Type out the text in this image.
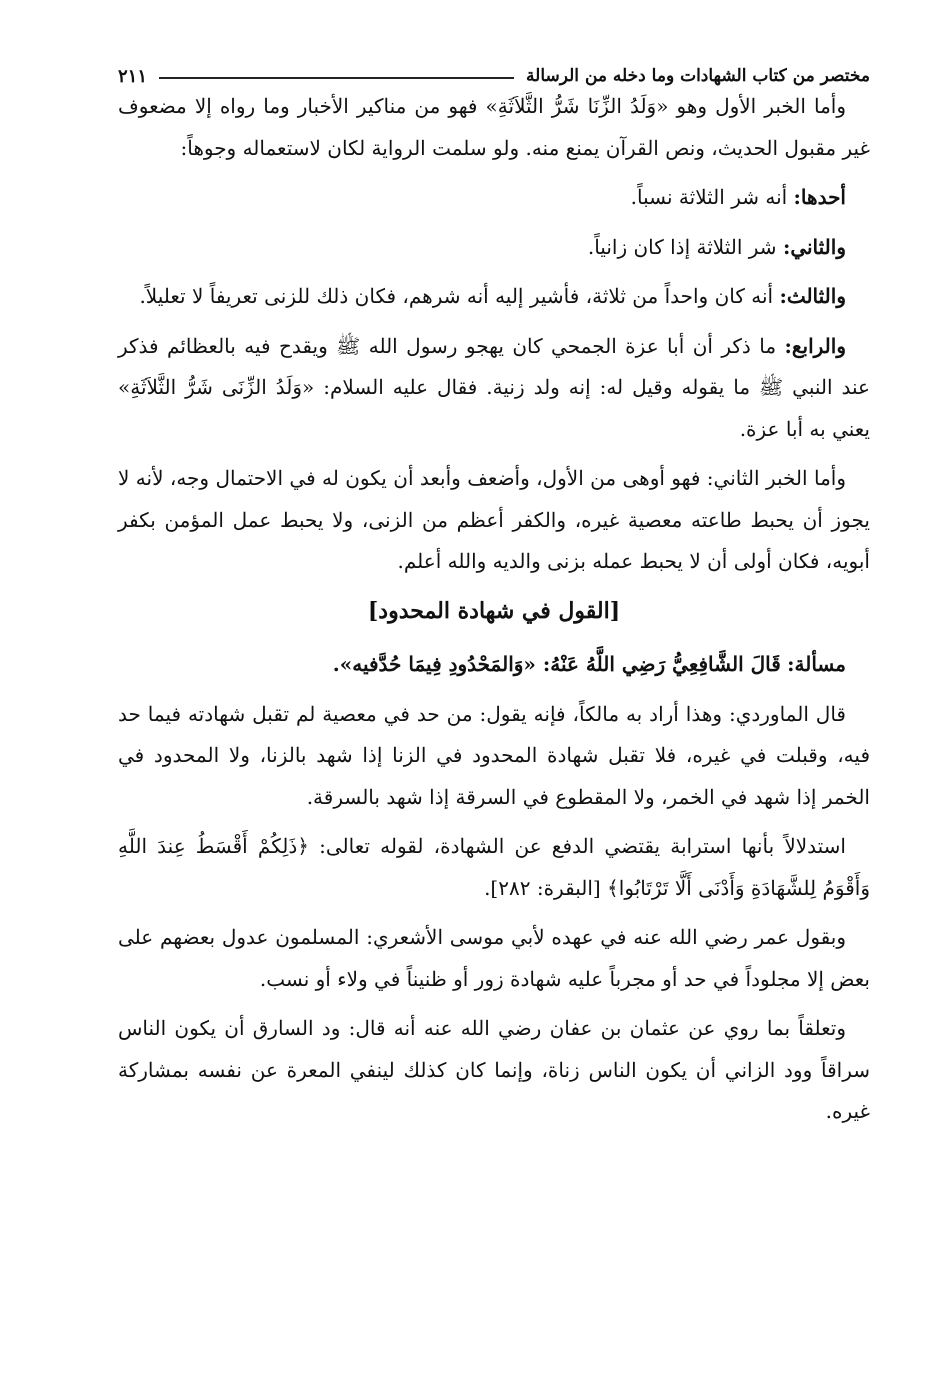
مختصر من كتاب الشهادات وما دخله من الرسالة
٢١١

وأما الخبر الأول وهو «وَلَدُ الزِّنَا شَرُّ الثَّلاَثَةِ» فهو من مناكير الأخبار وما رواه إلا مضعوف غير مقبول الحديث، ونص القرآن يمنع منه. ولو سلمت الرواية لكان لاستعماله وجوهاً:

أحدها: أنه شر الثلاثة نسباً.

والثاني: شر الثلاثة إذا كان زانياً.

والثالث: أنه كان واحداً من ثلاثة، فأشير إليه أنه شرهم، فكان ذلك للزنى تعريفاً لا تعليلاً.

والرابع: ما ذكر أن أبا عزة الجمحي كان يهجو رسول الله ﷺ ويقدح فيه بالعظائم فذكر عند النبي ﷺ ما يقوله وقيل له: إنه ولد زنية. فقال عليه السلام: «وَلَدُ الزِّنَى شَرُّ الثَّلاَثَةِ» يعني به أبا عزة.

وأما الخبر الثاني: فهو أوهى من الأول، وأضعف وأبعد أن يكون له في الاحتمال وجه، لأنه لا يجوز أن يحبط طاعته معصية غيره، والكفر أعظم من الزنى، ولا يحبط عمل المؤمن بكفر أبويه، فكان أولى أن لا يحبط عمله بزنى والديه والله أعلم.

[القول في شهادة المحدود]

مسألة: قَالَ الشَّافِعِيُّ رَضِي اللَّهُ عَنْهُ: «وَالمَحْدُودِ فِيمَا حُدَّفيه».

قال الماوردي: وهذا أراد به مالكاً، فإنه يقول: من حد في معصية لم تقبل شهادته فيما حد فيه، وقبلت في غيره، فلا تقبل شهادة المحدود في الزنا إذا شهد بالزنا، ولا المحدود في الخمر إذا شهد في الخمر، ولا المقطوع في السرقة إذا شهد بالسرقة.

استدلالاً بأنها استرابة يقتضي الدفع عن الشهادة، لقوله تعالى: ﴿ذَلِكُمْ أَقْسَطُ عِندَ اللَّهِ وَأَقْوَمُ لِلشَّهَادَةِ وَأَدْنَى أَلَّا تَرْتَابُوا﴾ [البقرة: ٢٨٢].

وبقول عمر رضي الله عنه في عهده لأبي موسى الأشعري: المسلمون عدول بعضهم على بعض إلا مجلوداً في حد أو مجرباً عليه شهادة زور أو ظنيناً في ولاء أو نسب.

وتعلقاً بما روي عن عثمان بن عفان رضي الله عنه أنه قال: ود السارق أن يكون الناس سراقاً وود الزاني أن يكون الناس زناة، وإنما كان كذلك لينفي المعرة عن نفسه بمشاركة غيره.
